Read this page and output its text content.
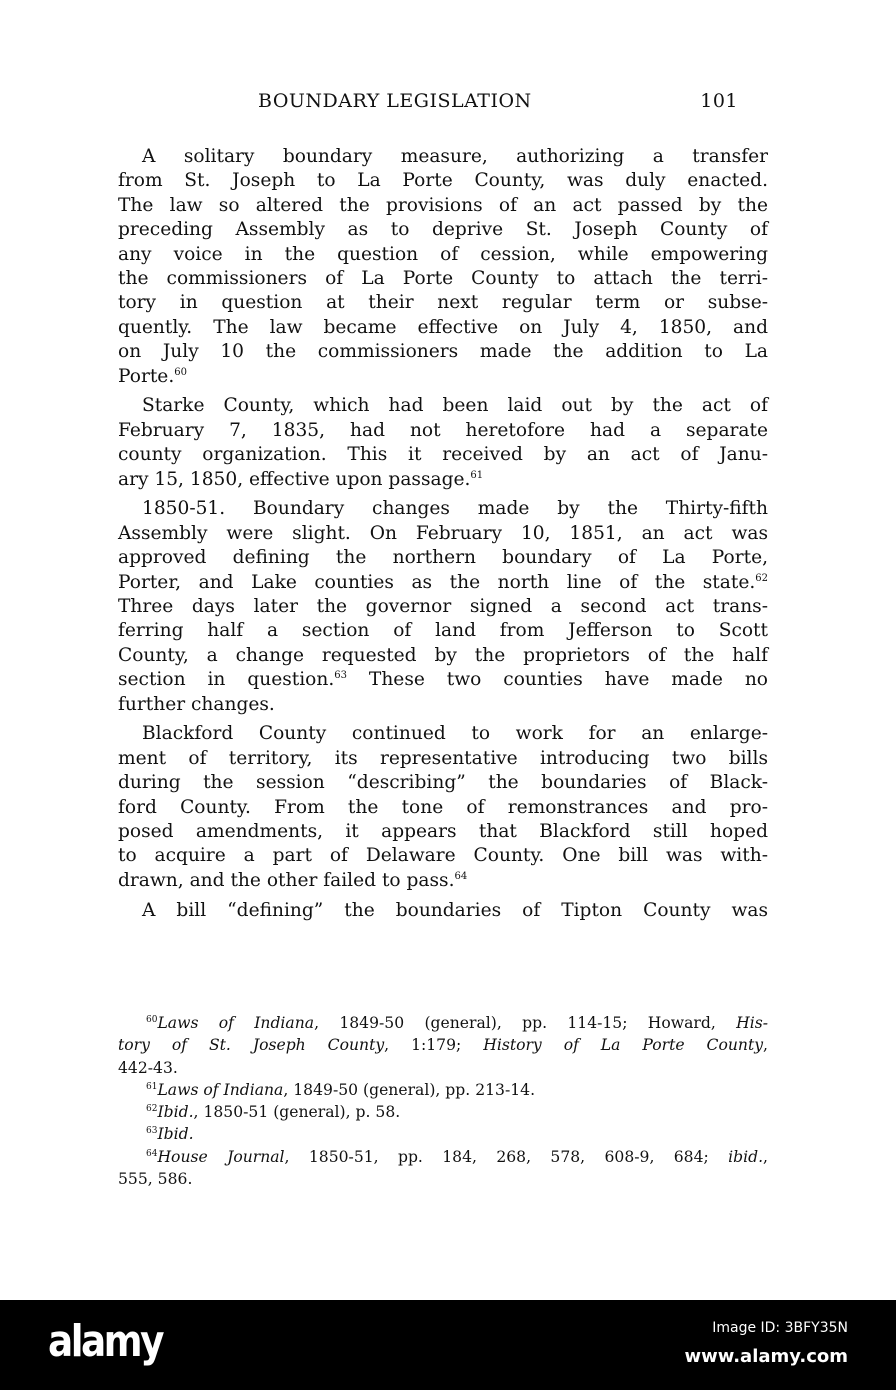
BOUNDARY LEGISLATION	101
A solitary boundary measure, authorizing a transfer
from St. Joseph to La Porte County, was duly enacted.
The law so altered the provisions of an act passed by the
preceding Assembly as to deprive St. Joseph County of
any voice in the question of cession, while empowering
the commissioners of La Porte County to attach the terri-
tory in question at their next regular term or subse-
quently. The law became effective on July 4, 1850, and
on July 10 the commissioners made the addition to La
Porte.$^{60}$
Starke County, which had been laid out by the act of
February 7, 1835, had not heretofore had a separate
county organization. This it received by an act of Janu-
ary 15, 1850, effective upon passage.$^{61}$
1850-51. Boundary changes made by the Thirty-fifth
Assembly were slight. On February 10, 1851, an act was
approved defining the northern boundary of La Porte,
Porter, and Lake counties as the north line of the state.$^{62}$
Three days later the governor signed a second act trans-
ferring half a section of land from Jefferson to Scott
County, a change requested by the proprietors of the half
section in question.$^{63}$ These two counties have made no
further changes.
Blackford County continued to work for an enlarge-
ment of territory, its representative introducing two bills
during the session “describing” the boundaries of Black-
ford County. From the tone of remonstrances and pro-
posed amendments, it appears that Blackford still hoped
to acquire a part of Delaware County. One bill was with-
drawn, and the other failed to pass.$^{64}$
A bill “defining” the boundaries of Tipton County was
$^{60}$Laws of Indiana, 1849-50 (general), pp. 114-15; Howard, His-
tory of St. Joseph County, 1:179; History of La Porte County,
442-43.
$^{61}$Laws of Indiana, 1849-50 (general), pp. 213-14.
$^{62}$Ibid., 1850-51 (general), p. 58.
$^{63}$Ibid.
$^{64}$House Journal, 1850-51, pp. 184, 268, 578, 608-9, 684; ibid.,
555, 586.
alamy	Image ID: 3BFY35N
www.alamy.com
